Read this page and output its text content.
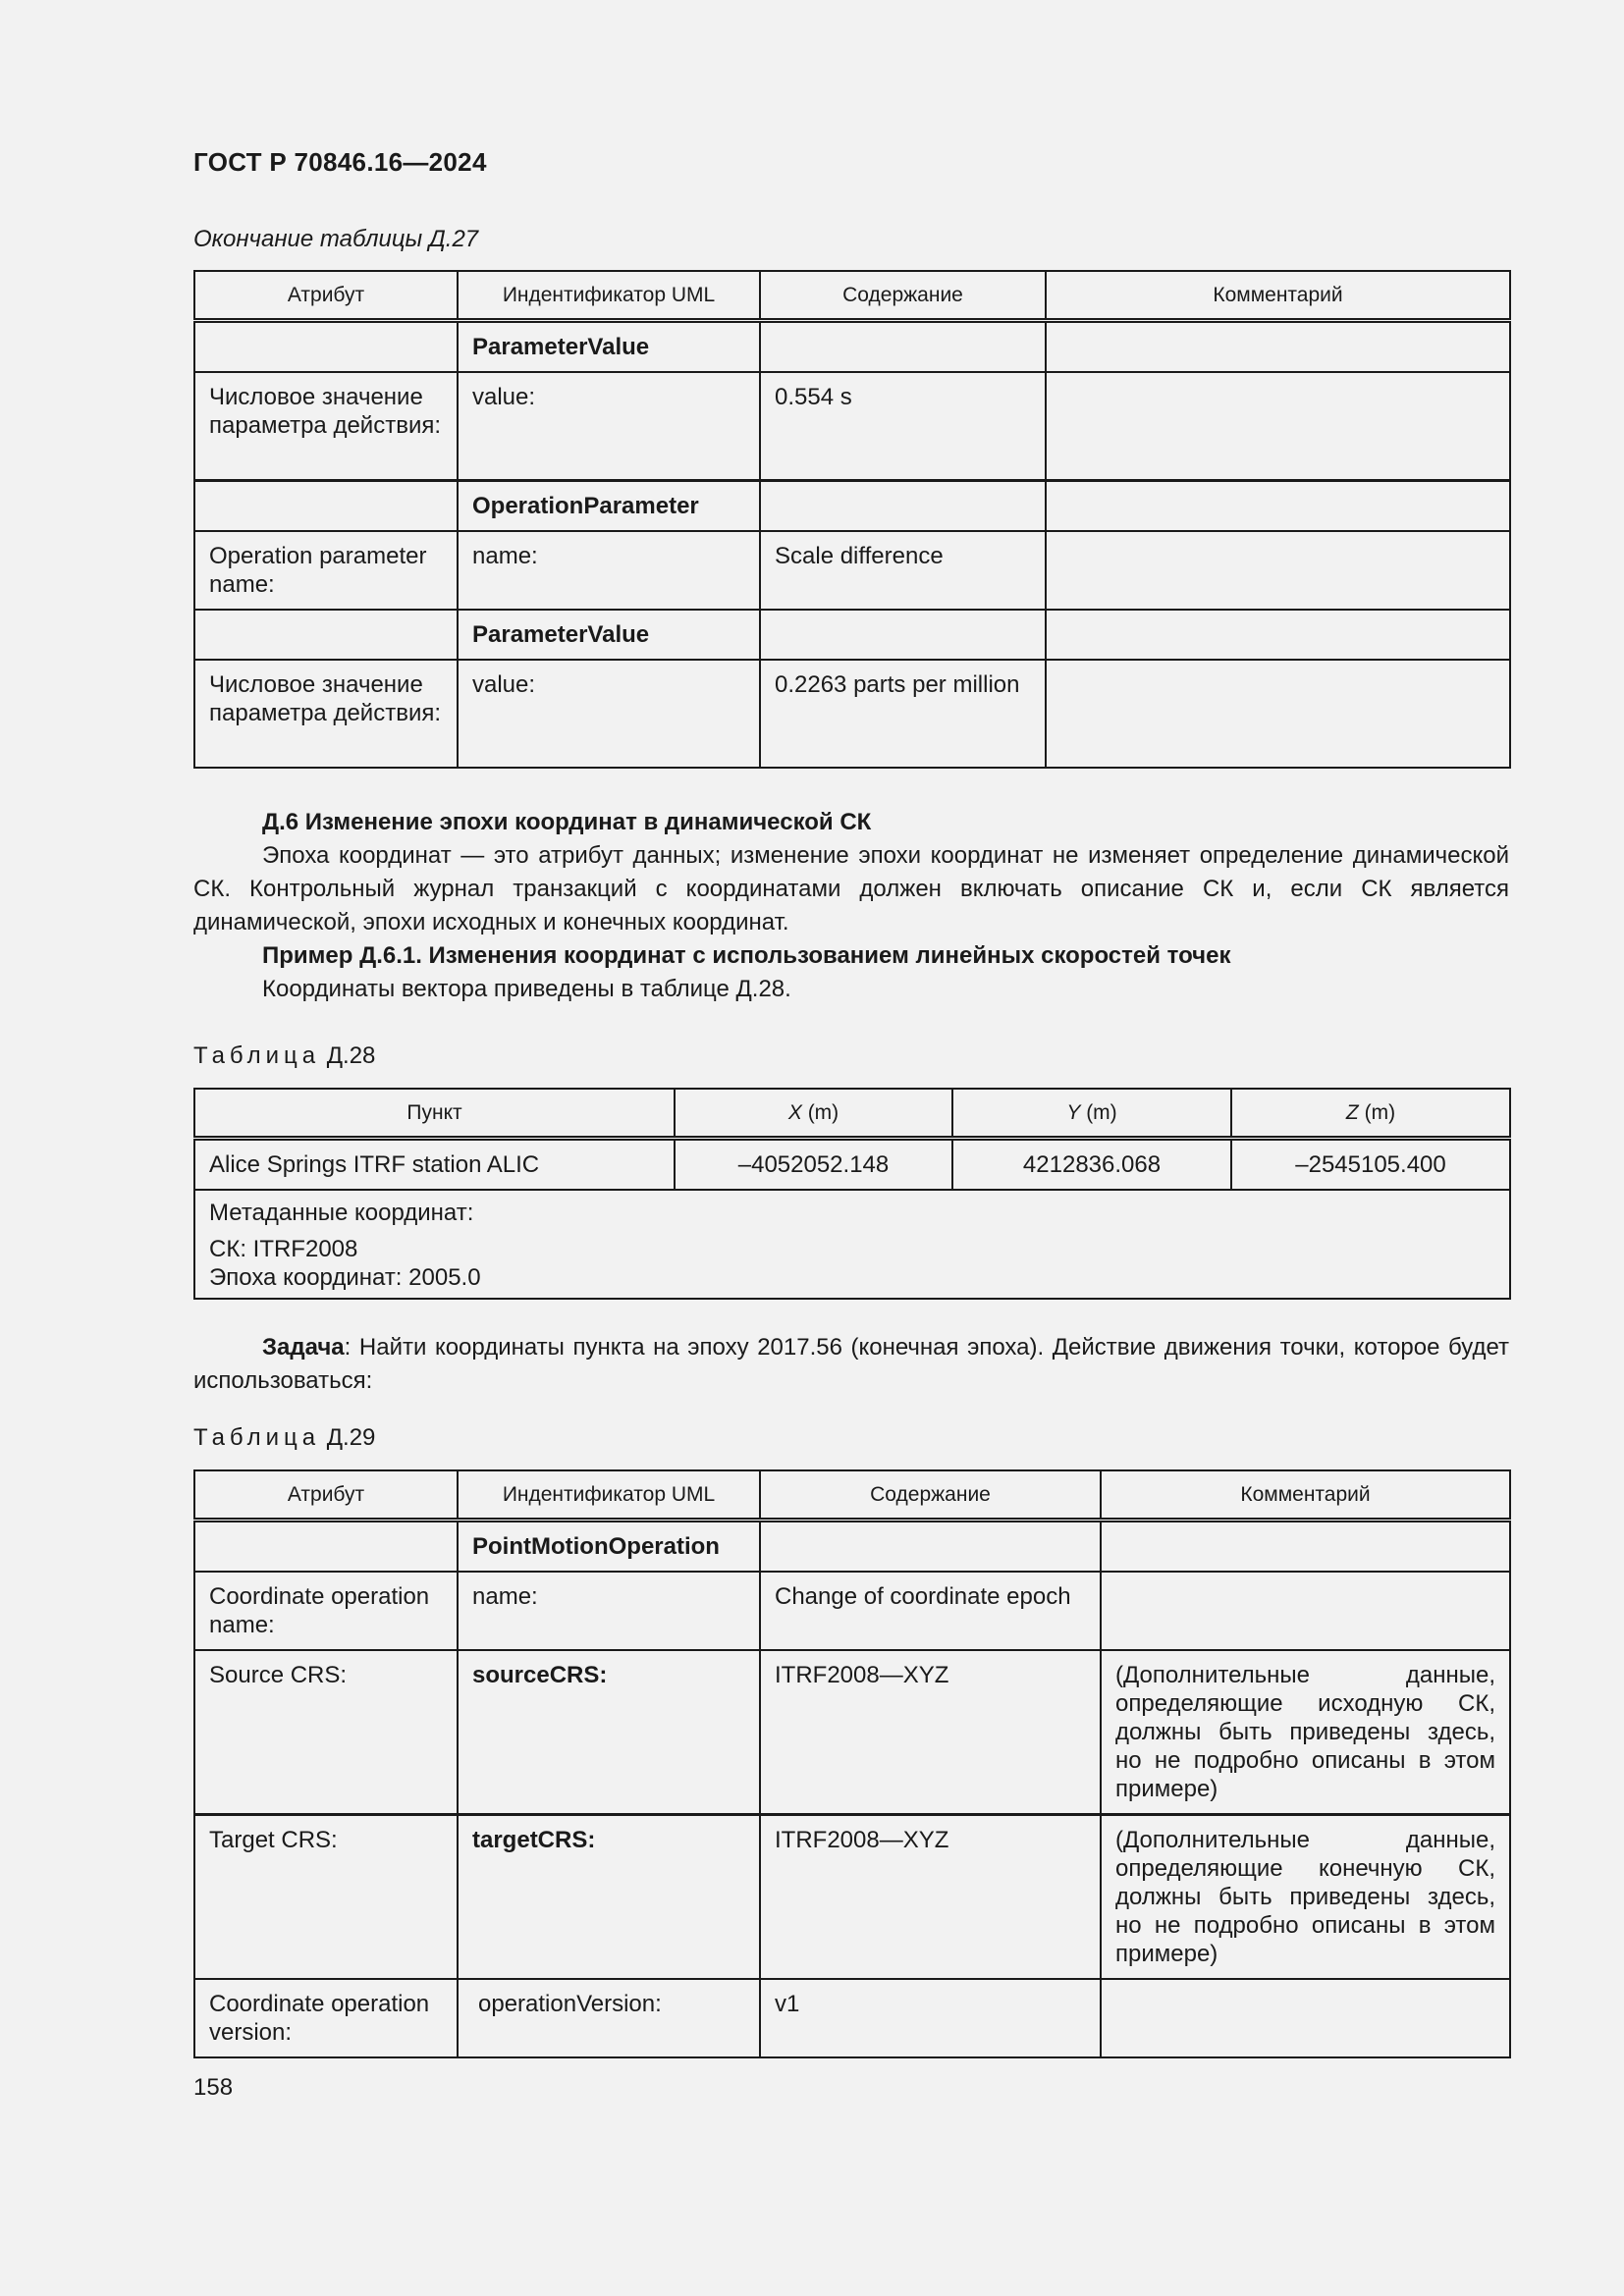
ГОСТ Р 70846.16—2024
Окончание таблицы Д.27
Атрибут	Индентификатор UML	Содержание	Комментарий
	ParameterValue		
Числовое значение параметра действия:	value:	0.554 s	
	OperationParameter		
Operation parameter name:	name:	Scale difference	
	ParameterValue		
Числовое значение параметра действия:	value:	0.2263 parts per million	
Д.6 Изменение эпохи координат в динамической СК

Эпоха координат — это атрибут данных; изменение эпохи координат не изменяет определение динамической СК. Контрольный журнал транзакций с координатами должен включать описание СК и, если СК является динамической, эпохи исходных и конечных координат.

Пример Д.6.1. Изменения координат с использованием линейных скоростей точек

Координаты вектора приведены в таблице Д.28.

Таблица Д.28
Пункт	X (m)	Y (m)	Z (m)
Alice Springs ITRF station ALIC	–4052052.148	4212836.068	–2545105.400

Метаданные координат:
СК: ITRF2008
Эпоха координат: 2005.0			

Задача: Найти координаты пункта на эпоху 2017.56 (конечная эпоха). Действие движения точки, которое будет использоваться:

Таблица Д.29
Атрибут	Индентификатор UML	Содержание	Комментарий
	PointMotionOperation		
Coordinate operation name:	name:	Change of coordinate epoch	
Source CRS:	sourceCRS:	ITRF2008—XYZ	(Дополнительные данные, определяющие исходную СК, должны быть приведены здесь, но не подробно описаны в этом примере)
Target CRS:	targetCRS:	ITRF2008—XYZ	(Дополнительные данные, определяющие конечную СК, должны быть приведены здесь, но не подробно описаны в этом примере)
Coordinate operation version:	operationVersion:	v1	
158
